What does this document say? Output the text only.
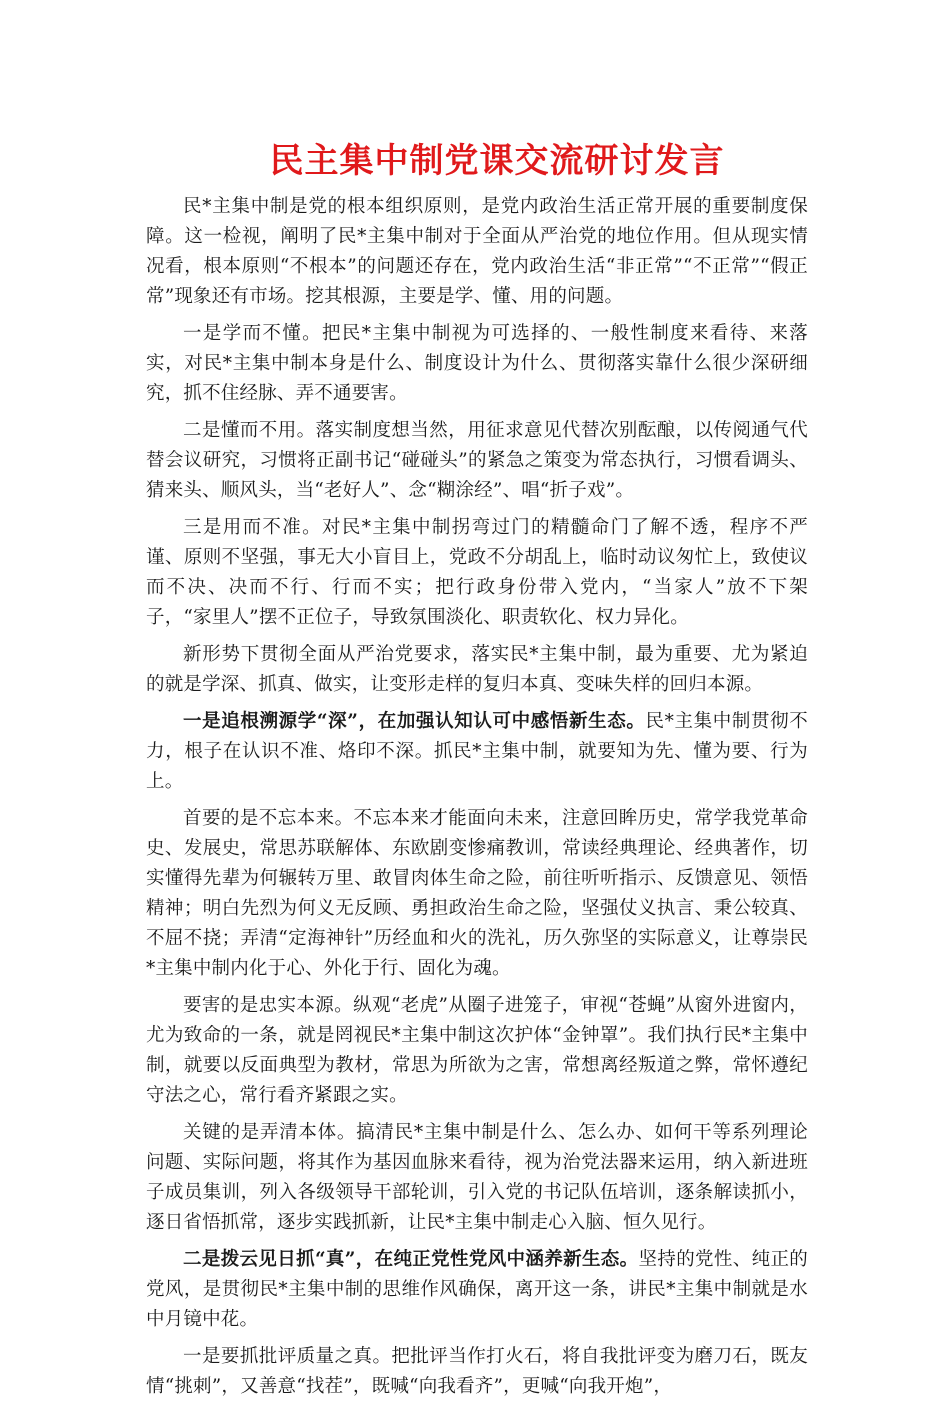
民主集中制党课交流研讨发言

民*主集中制是党的根本组织原则，是党内政治生活正常开展的重要制度保障。这一检视，阐明了民*主集中制对于全面从严治党的地位作用。但从现实情况看，根本原则“不根本”的问题还存在，党内政治生活“非正常”“不正常”“假正常”现象还有市场。挖其根源，主要是学、懂、用的问题。

一是学而不懂。把民*主集中制视为可选择的、一般性制度来看待、来落实，对民*主集中制本身是什么、制度设计为什么、贯彻落实靠什么很少深研细究，抓不住经脉、弄不通要害。

二是懂而不用。落实制度想当然，用征求意见代替次别酝酿，以传阅通气代替会议研究，习惯将正副书记“碰碰头”的紧急之策变为常态执行，习惯看调头、猜来头、顺风头，当“老好人”、念“糊涂经”、唱“折子戏”。

三是用而不准。对民*主集中制拐弯过门的精髓命门了解不透，程序不严谨、原则不坚强，事无大小盲目上，党政不分胡乱上，临时动议匆忙上，致使议而不决、决而不行、行而不实；把行政身份带入党内，“当家人”放不下架子，“家里人”摆不正位子，导致氛围淡化、职责软化、权力异化。

新形势下贯彻全面从严治党要求，落实民*主集中制，最为重要、尤为紧迫的就是学深、抓真、做实，让变形走样的复归本真、变味失样的回归本源。

一是追根溯源学“深”，在加强认知认可中感悟新生态。民*主集中制贯彻不力，根子在认识不准、烙印不深。抓民*主集中制，就要知为先、懂为要、行为上。

首要的是不忘本来。不忘本来才能面向未来，注意回眸历史，常学我党革命史、发展史，常思苏联解体、东欧剧变惨痛教训，常读经典理论、经典著作，切实懂得先辈为何辗转万里、敢冒肉体生命之险，前往听听指示、反馈意见、领悟精神；明白先烈为何义无反顾、勇担政治生命之险，坚强仗义执言、秉公较真、不屈不挠；弄清“定海神针”历经血和火的洗礼，历久弥坚的实际意义，让尊崇民*主集中制内化于心、外化于行、固化为魂。

要害的是忠实本源。纵观“老虎”从圈子进笼子，审视“苍蝇”从窗外进窗内，尤为致命的一条，就是罔视民*主集中制这次护体“金钟罩”。我们执行民*主集中制，就要以反面典型为教材，常思为所欲为之害，常想离经叛道之弊，常怀遵纪守法之心，常行看齐紧跟之实。

关键的是弄清本体。搞清民*主集中制是什么、怎么办、如何干等系列理论问题、实际问题，将其作为基因血脉来看待，视为治党法器来运用，纳入新进班子成员集训，列入各级领导干部轮训，引入党的书记队伍培训，逐条解读抓小，逐日省悟抓常，逐步实践抓新，让民*主集中制走心入脑、恒久见行。

二是拨云见日抓“真”，在纯正党性党风中涵养新生态。坚持的党性、纯正的党风，是贯彻民*主集中制的思维作风确保，离开这一条，讲民*主集中制就是水中月镜中花。

一是要抓批评质量之真。把批评当作打火石，将自我批评变为磨刀石，既友情“挑刺”，又善意“找茬”，既喊“向我看齐”，更喊“向我开炮”，
